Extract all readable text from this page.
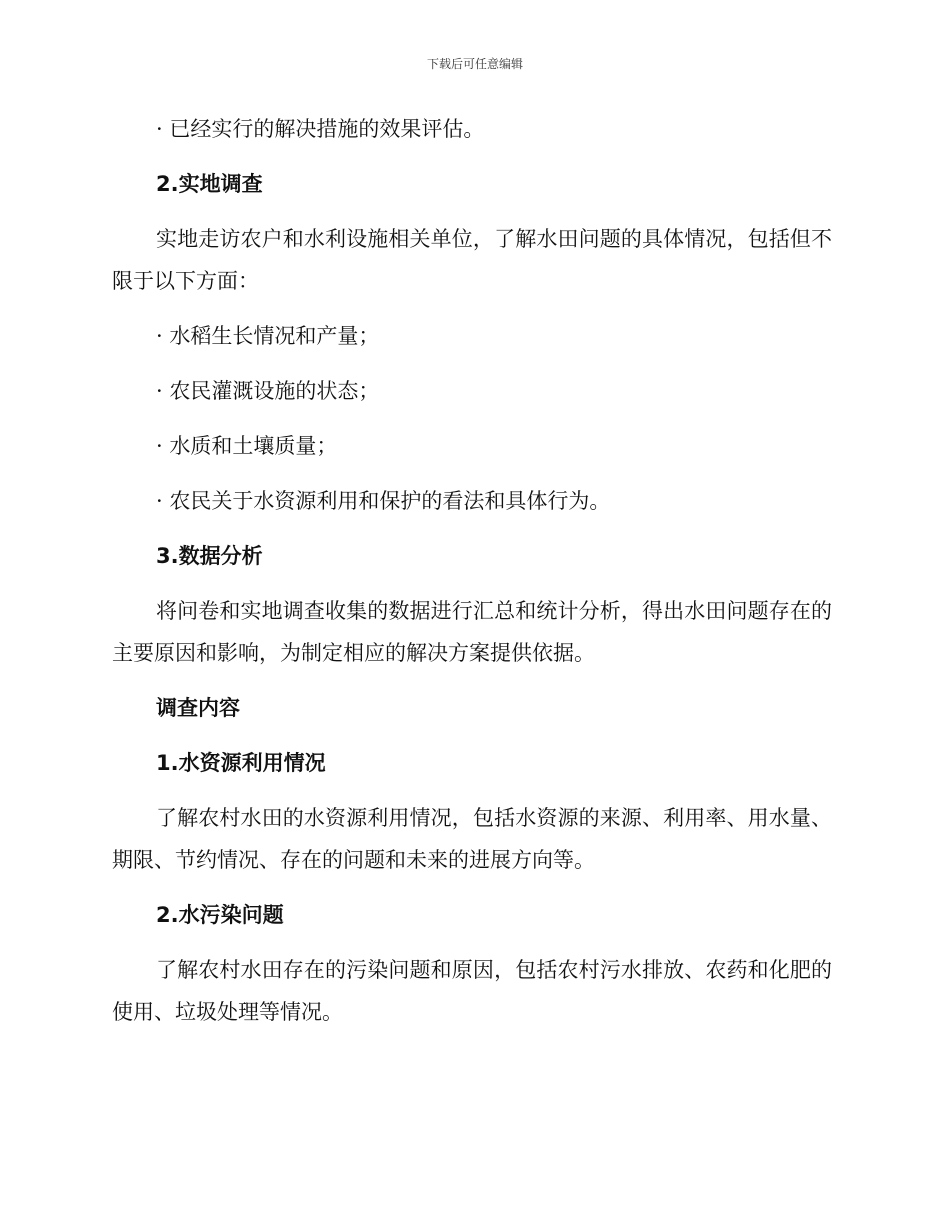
下载后可任意编辑

· 已经实行的解决措施的效果评估。

2.实地调查

实地走访农户和水利设施相关单位，了解水田问题的具体情况，包括但不限于以下方面：

· 水稻生长情况和产量；

· 农民灌溉设施的状态；

· 水质和土壤质量；

· 农民关于水资源利用和保护的看法和具体行为。

3.数据分析

将问卷和实地调查收集的数据进行汇总和统计分析，得出水田问题存在的主要原因和影响，为制定相应的解决方案提供依据。

调查内容

1.水资源利用情况

了解农村水田的水资源利用情况，包括水资源的来源、利用率、用水量、期限、节约情况、存在的问题和未来的进展方向等。

2.水污染问题

了解农村水田存在的污染问题和原因，包括农村污水排放、农药和化肥的使用、垃圾处理等情况。
